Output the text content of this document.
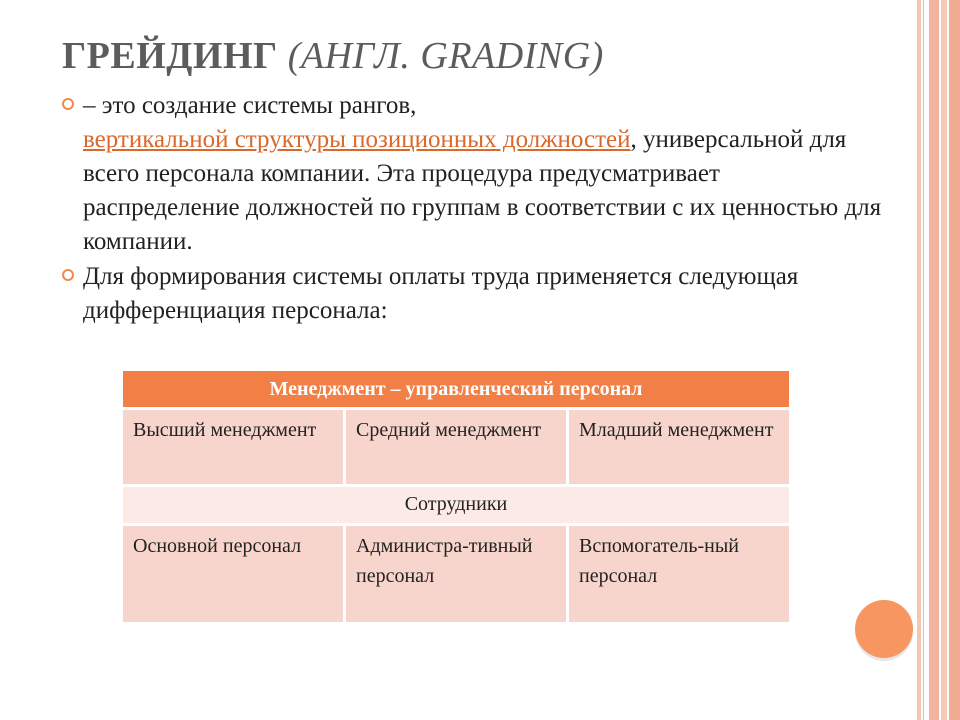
ГРЕЙДИНГ (АНГЛ. GRADING)
– это создание системы рангов,
вертикальной структуры позиционных должностей, универсальной для всего персонала компании. Эта процедура предусматривает распределение должностей по группам в соответствии с их ценностью для компании.
Для формирования системы оплаты труда применяется следующая дифференциация персонала:
Менеджмент – управленческий персонал		
Высший менеджмент	Средний менеджмент	Младший менеджмент
Сотрудники		
Основной персонал	Администра-тивный персонал	Вспомогатель-ный персонал
